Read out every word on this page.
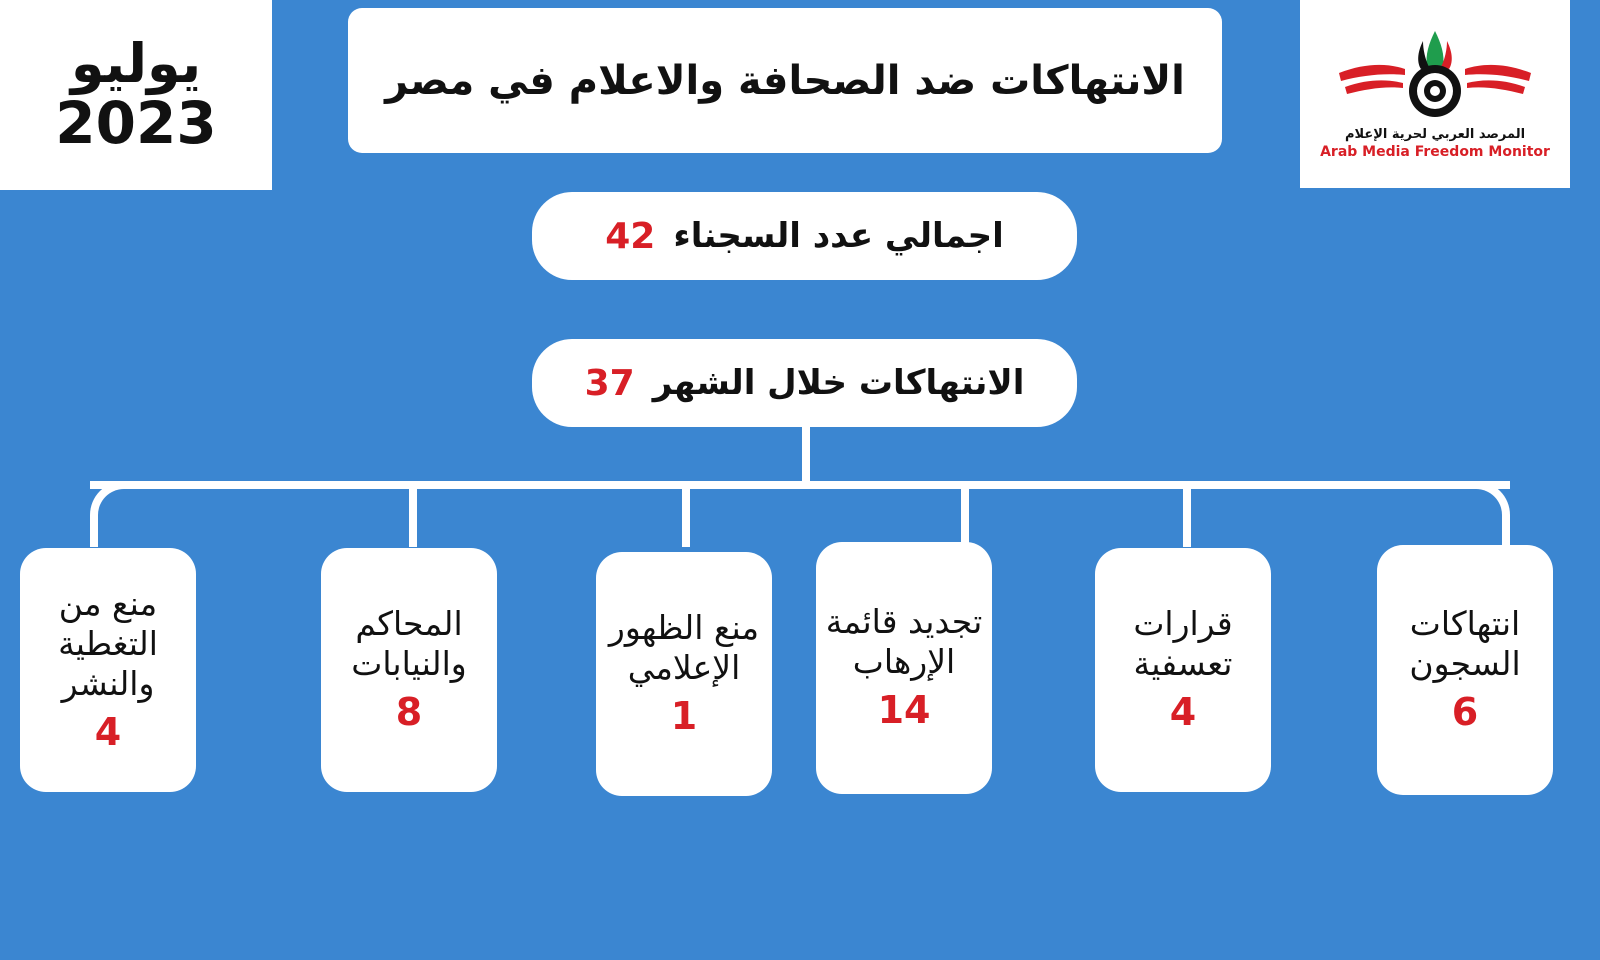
يوليو
2023
الانتهاكات ضد الصحافة والاعلام في مصر
المرصد العربي لحرية الإعلام
Arab Media Freedom Monitor
اجمالي عدد السجناء
42
الانتهاكات خلال الشهر
37
انتهاكات السجون
6
قرارات تعسفية
4
تجديد قائمة الإرهاب
14
منع الظهور الإعلامي
1
المحاكم والنيابات
8
منع من التغطية والنشر
4
